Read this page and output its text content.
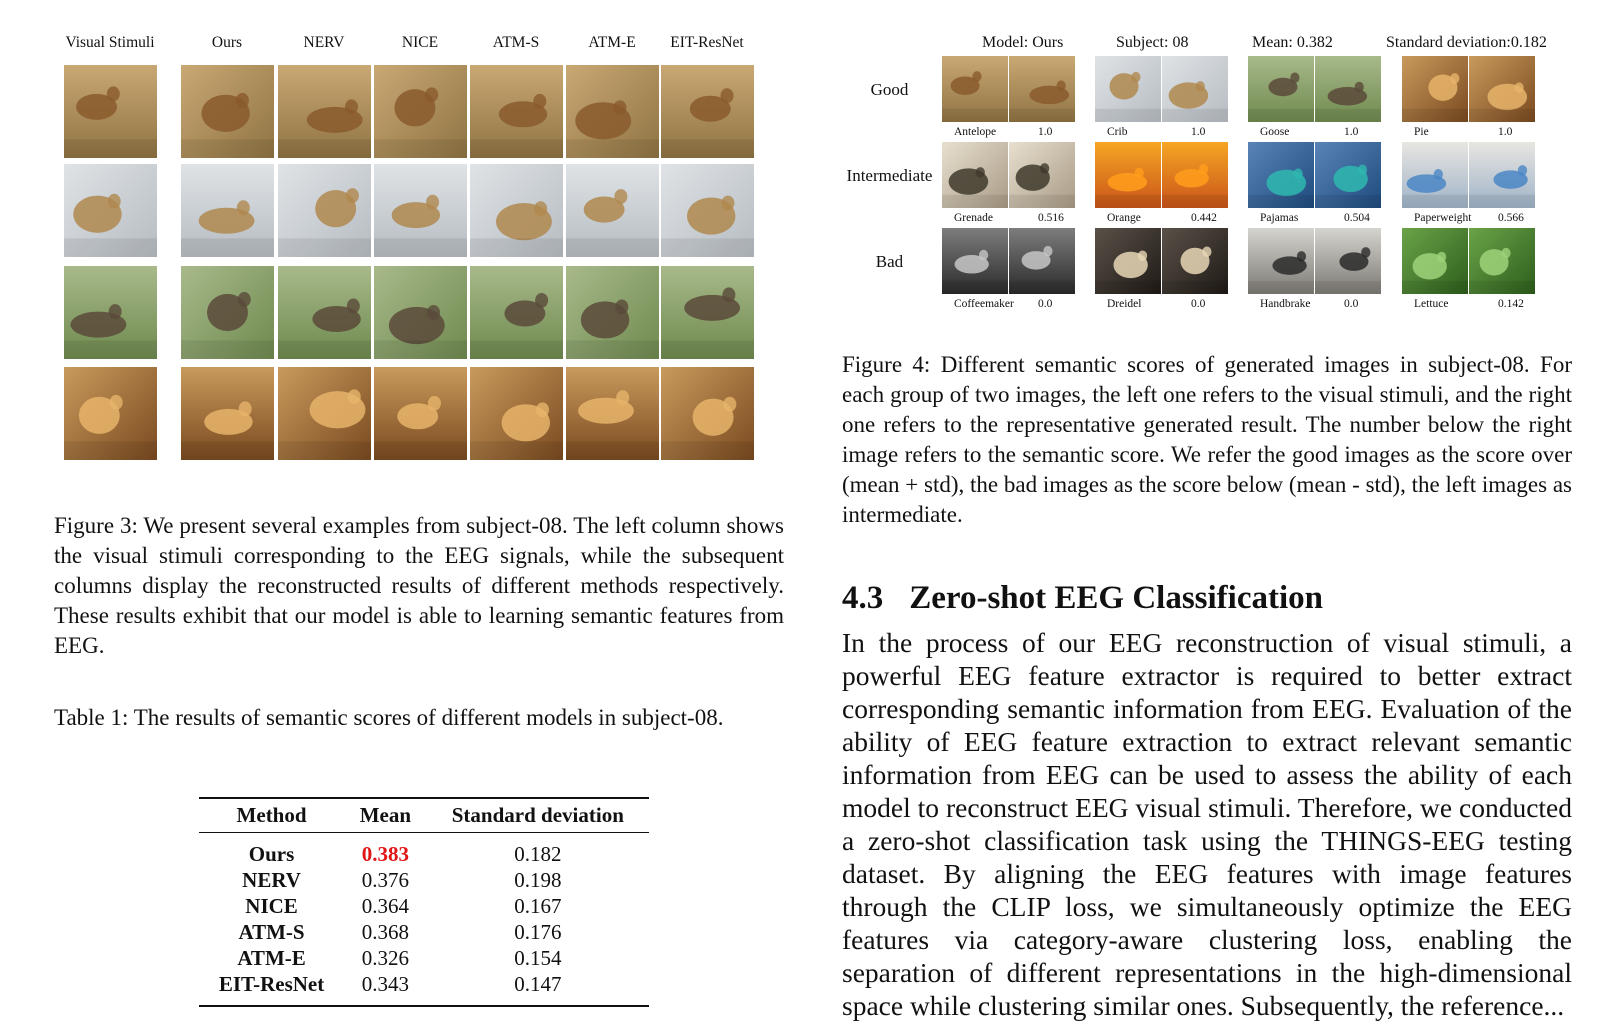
Visual Stimuli	Ours	NERV	NICE	ATM-S	ATM-E	EIT-ResNet
Figure 3: We present several examples from subject-08. The left column shows the visual stimuli corresponding to the EEG signals, while the subsequent columns display the reconstructed results of different methods respectively. These results exhibit that our model is able to learning semantic features from EEG.
Table 1: The results of semantic scores of different models in subject-08.
Method	Mean	Standard deviation
Ours	0.383	0.182
NERV	0.376	0.198
NICE	0.364	0.167
ATM-S	0.368	0.176
ATM-E	0.326	0.154
EIT-ResNet	0.343	0.147
Model: Ours	Subject: 08	Mean: 0.382	Standard deviation:0.182
Antelope	1.0	Crib	1.0	Goose	1.0	Pie	1.0
Grenade	0.516	Orange	0.442	Pajamas	0.504	Paperweight 0.566
Coffeemaker 0.0	Dreidel	0.0	Handbrake	0.0	Lettuce	0.142
Good
Intermediate
Bad
Figure 4: Different semantic scores of generated images in subject-08. For each group of two images, the left one refers to the visual stimuli, and the right one refers to the representative generated result. The number below the right image refers to the semantic score. We refer the good images as the score over (mean + std), the bad images as the score below (mean - std), the left images as intermediate.
4.3 Zero-shot EEG Classification
In the process of our EEG reconstruction of visual stimuli, a powerful EEG feature extractor is required to better extract corresponding semantic information from EEG. Evaluation of the ability of EEG feature extraction to extract relevant semantic information from EEG can be used to assess the ability of each model to reconstruct EEG visual stimuli. Therefore, we conducted a zero-shot classification task using the THINGS-EEG testing dataset. By aligning the EEG features with image features through the CLIP loss, we simultaneously optimize the EEG features via category-aware clustering loss, enabling the separation of different representations in the high-dimensional space while clustering similar ones. Subsequently, the reference...
